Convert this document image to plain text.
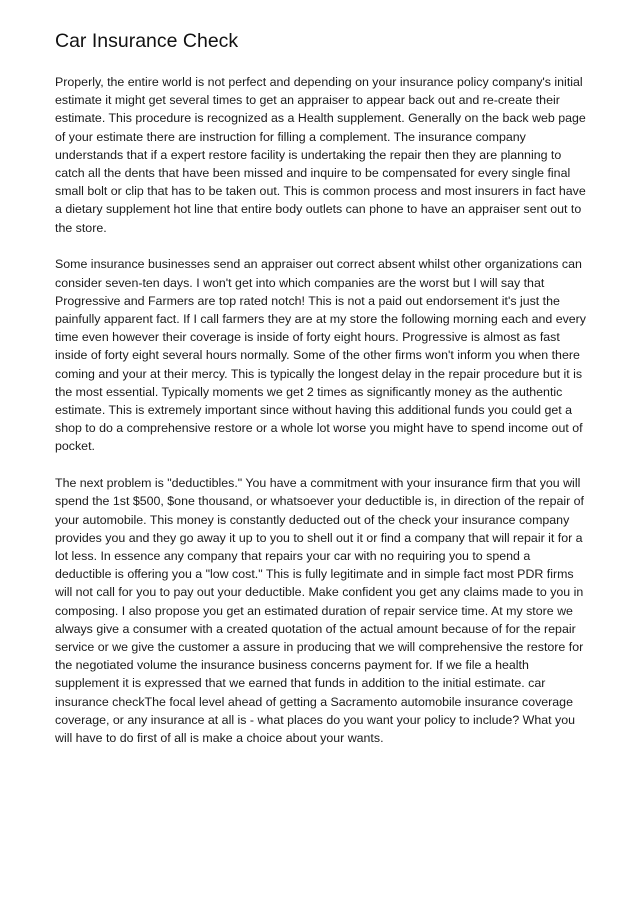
Car Insurance Check

Properly, the entire world is not perfect and depending on your insurance policy company's initial estimate it might get several times to get an appraiser to appear back out and re-create their estimate. This procedure is recognized as a Health supplement. Generally on the back web page of your estimate there are instruction for filling a complement. The insurance company understands that if a expert restore facility is undertaking the repair then they are planning to catch all the dents that have been missed and inquire to be compensated for every single final small bolt or clip that has to be taken out. This is common process and most insurers in fact have a dietary supplement hot line that entire body outlets can phone to have an appraiser sent out to the store.

Some insurance businesses send an appraiser out correct absent whilst other organizations can consider seven-ten days. I won't get into which companies are the worst but I will say that Progressive and Farmers are top rated notch! This is not a paid out endorsement it's just the painfully apparent fact. If I call farmers they are at my store the following morning each and every time even however their coverage is inside of forty eight hours. Progressive is almost as fast inside of forty eight several hours normally. Some of the other firms won't inform you when there coming and your at their mercy. This is typically the longest delay in the repair procedure but it is the most essential. Typically moments we get 2 times as significantly money as the authentic estimate. This is extremely important since without having this additional funds you could get a shop to do a comprehensive restore or a whole lot worse you might have to spend income out of pocket.

The next problem is "deductibles." You have a commitment with your insurance firm that you will spend the 1st $500, $one thousand, or whatsoever your deductible is, in direction of the repair of your automobile. This money is constantly deducted out of the check your insurance company provides you and they go away it up to you to shell out it or find a company that will repair it for a lot less. In essence any company that repairs your car with no requiring you to spend a deductible is offering you a "low cost." This is fully legitimate and in simple fact most PDR firms will not call for you to pay out your deductible. Make confident you get any claims made to you in composing. I also propose you get an estimated duration of repair service time. At my store we always give a consumer with a created quotation of the actual amount because of for the repair service or we give the customer a assure in producing that we will comprehensive the restore for the negotiated volume the insurance business concerns payment for. If we file a health supplement it is expressed that we earned that funds in addition to the initial estimate. car insurance checkThe focal level ahead of getting a Sacramento automobile insurance coverage coverage, or any insurance at all is - what places do you want your policy to include? What you will have to do first of all is make a choice about your wants.
